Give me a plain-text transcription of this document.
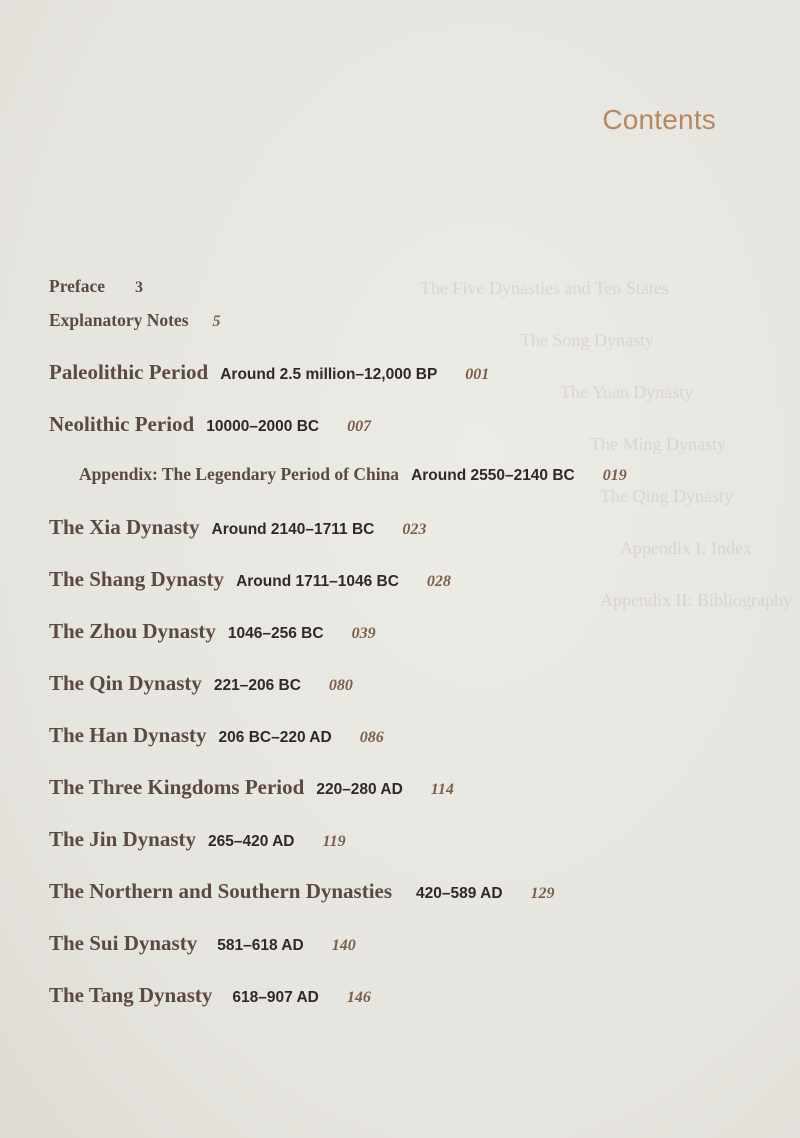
Contents
The Five Dynasties and Ten States
The Song Dynasty
The Yuan Dynasty
The Ming Dynasty
The Qing Dynasty
Appendix I: Index
Appendix II: Bibliography
Preface 3
Explanatory Notes 5
Paleolithic Period Around 2.5 million–12,000 BP 001
Neolithic Period 10000–2000 BC 007
Appendix: The Legendary Period of China Around 2550–2140 BC 019
The Xia Dynasty Around 2140–1711 BC 023
The Shang Dynasty Around 1711–1046 BC 028
The Zhou Dynasty 1046–256 BC 039
The Qin Dynasty 221–206 BC 080
The Han Dynasty 206 BC–220 AD 086
The Three Kingdoms Period 220–280 AD 114
The Jin Dynasty 265–420 AD 119
The Northern and Southern Dynasties 420–589 AD 129
The Sui Dynasty 581–618 AD 140
The Tang Dynasty 618–907 AD 146
